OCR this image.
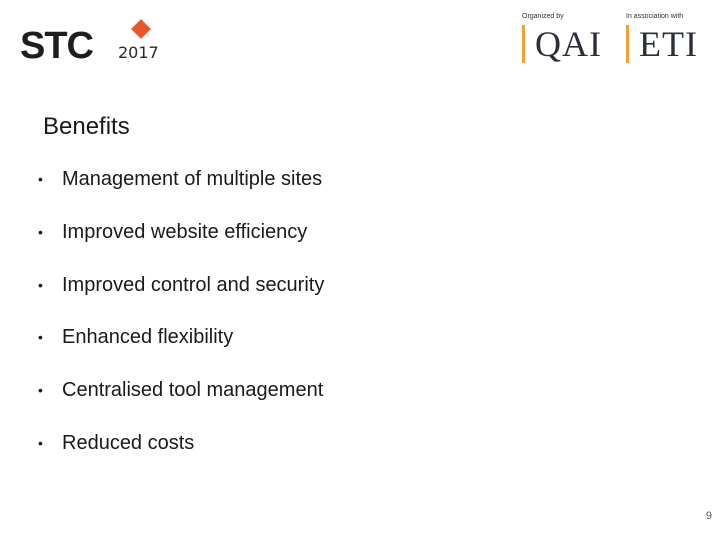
STC 2017
Organized by
QAI
In association with
ETI
Benefits
• Management of multiple sites
• Improved website efficiency
• Improved control and security
• Enhanced flexibility
• Centralised tool management
• Reduced costs
9
